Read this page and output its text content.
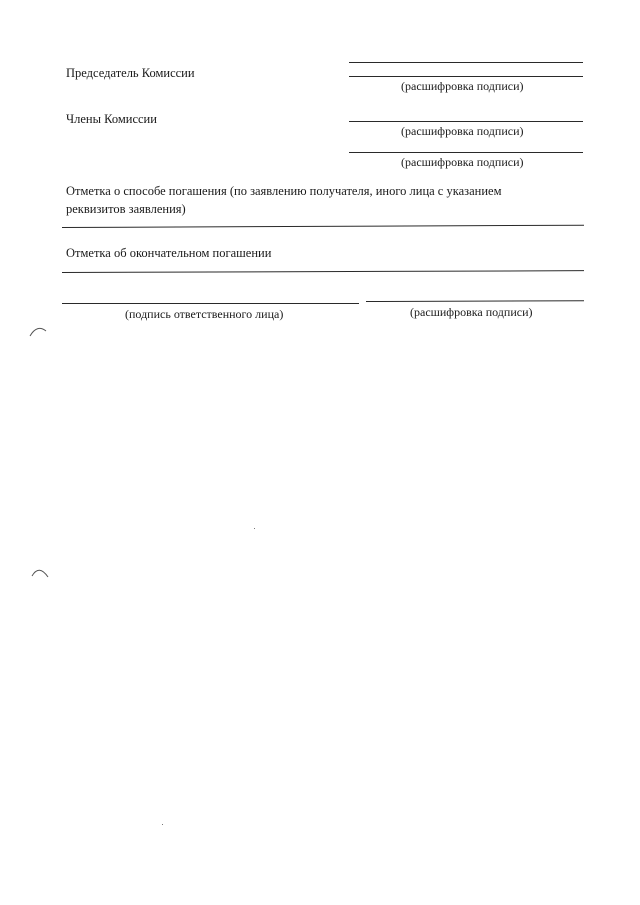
Председатель Комиссии
(расшифровка подписи)
Члены Комиссии
(расшифровка подписи)
(расшифровка подписи)
Отметка о способе погашения (по заявлению получателя, иного лица с указанием
реквизитов заявления)
Отметка об окончательном погашении
(подпись ответственного лица)	(расшифровка подписи)
